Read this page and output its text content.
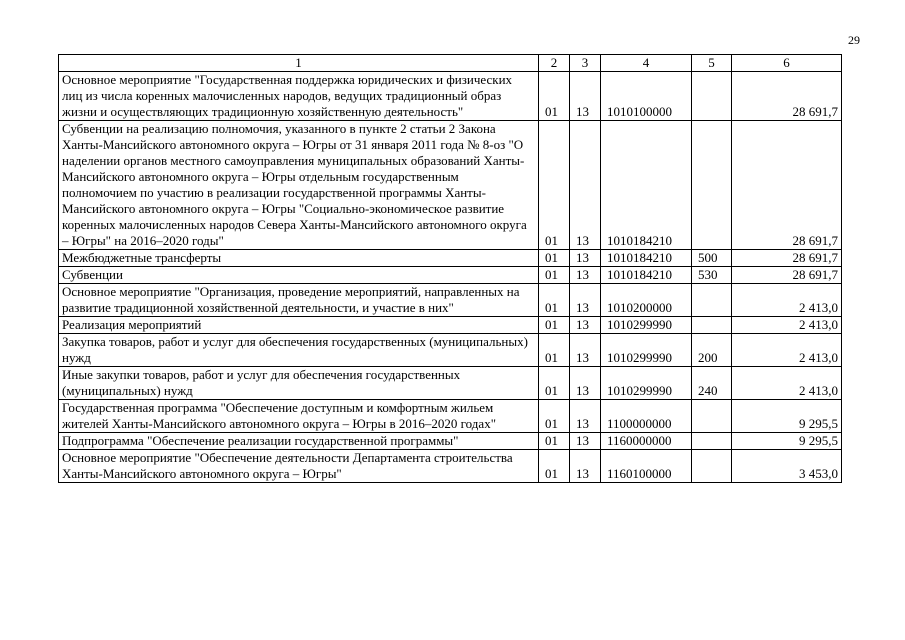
29
1	2	3	4	5	6
Основное мероприятие "Государственная поддержка юридических и физических лиц из числа коренных малочисленных народов, ведущих традиционный образ жизни и осуществляющих традиционную хозяйственную деятельность"	01	13	1010100000		28 691,7
Субвенции на реализацию полномочия, указанного в пункте 2 статьи 2 Закона Ханты-Мансийского автономного округа – Югры от 31 января 2011 года № 8-оз "О наделении органов местного самоуправления муниципальных образований Ханты-Мансийского автономного округа – Югры отдельным государственным полномочием по участию в реализации государственной программы Ханты-Мансийского автономного округа – Югры "Социально-экономическое развитие коренных малочисленных народов Севера Ханты-Мансийского автономного округа – Югры" на 2016–2020 годы"	01	13	1010184210		28 691,7
Межбюджетные трансферты	01	13	1010184210	500	28 691,7
Субвенции	01	13	1010184210	530	28 691,7
Основное мероприятие "Организация, проведение мероприятий, направленных на развитие традиционной хозяйственной деятельности, и участие в них"	01	13	1010200000		2 413,0
Реализация мероприятий	01	13	1010299990		2 413,0
Закупка товаров, работ и услуг для обеспечения государственных (муниципальных) нужд	01	13	1010299990	200	2 413,0
Иные закупки товаров, работ и услуг для обеспечения государственных (муниципальных) нужд	01	13	1010299990	240	2 413,0
Государственная программа "Обеспечение доступным и комфортным жильем жителей Ханты-Мансийского автономного округа – Югры в 2016–2020 годах"	01	13	1100000000		9 295,5
Подпрограмма "Обеспечение реализации государственной программы"	01	13	1160000000		9 295,5
Основное мероприятие "Обеспечение деятельности Департамента строительства Ханты-Мансийского автономного округа – Югры"	01	13	1160100000		3 453,0
